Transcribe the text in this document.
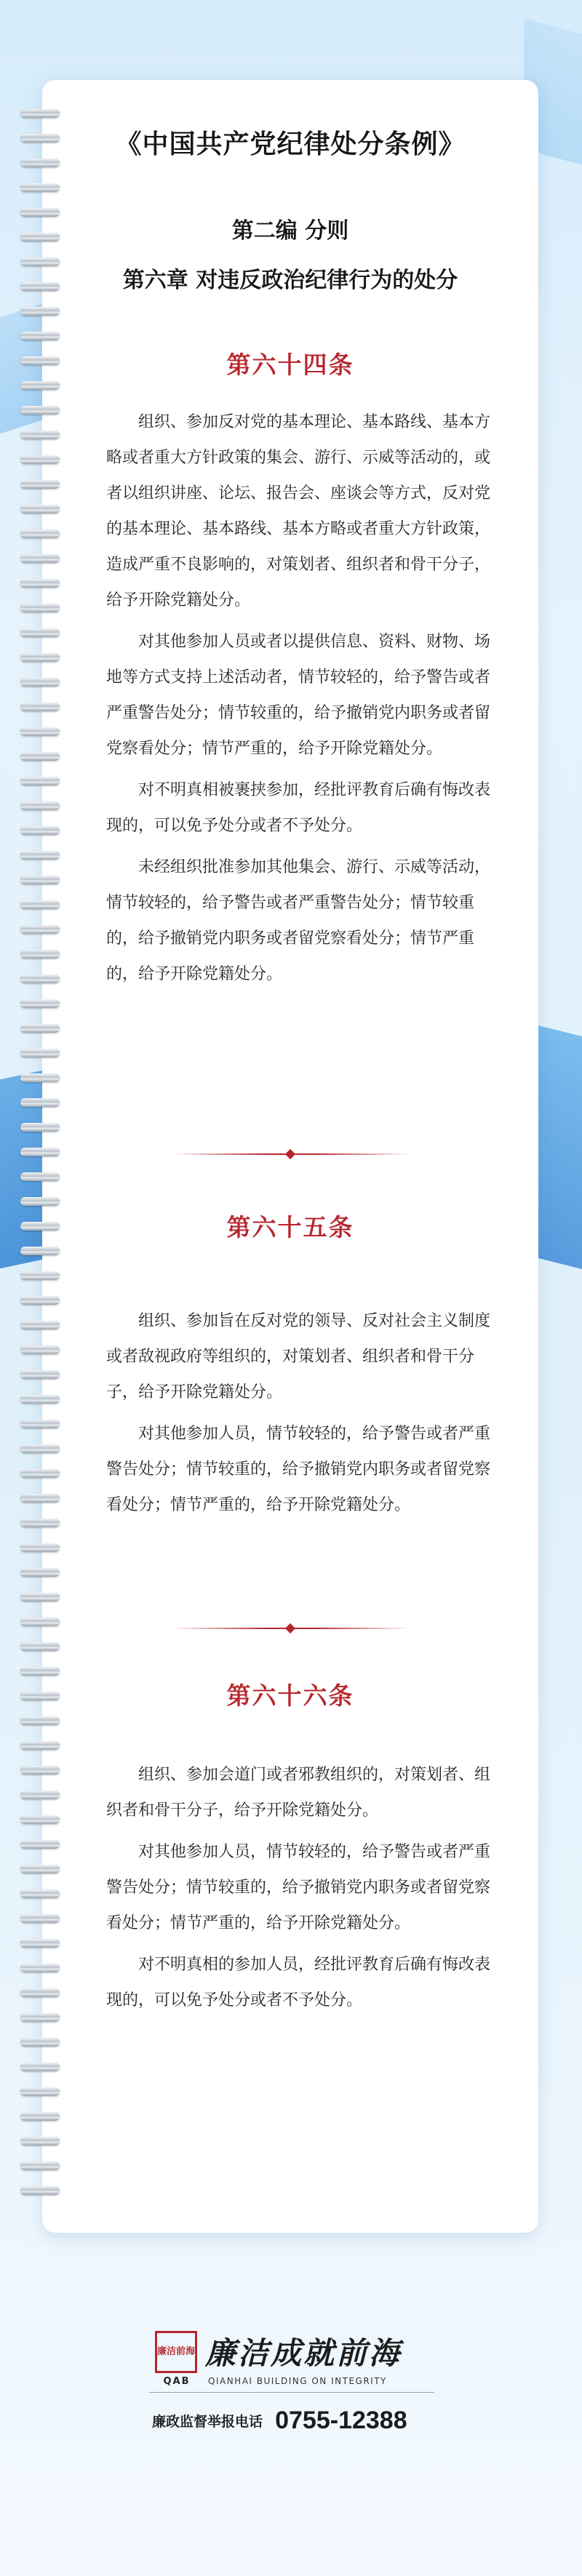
《中国共产党纪律处分条例》
第二编 分则
第六章 对违反政治纪律行为的处分
第六十四条

组织、参加反对党的基本理论、基本路线、基本方略或者重大方针政策的集会、游行、示威等活动的，或者以组织讲座、论坛、报告会、座谈会等方式，反对党的基本理论、基本路线、基本方略或者重大方针政策，造成严重不良影响的，对策划者、组织者和骨干分子，给予开除党籍处分。

对其他参加人员或者以提供信息、资料、财物、场地等方式支持上述活动者，情节较轻的，给予警告或者严重警告处分；情节较重的，给予撤销党内职务或者留党察看处分；情节严重的，给予开除党籍处分。

对不明真相被裹挟参加，经批评教育后确有悔改表现的，可以免予处分或者不予处分。

未经组织批准参加其他集会、游行、示威等活动，情节较轻的，给予警告或者严重警告处分；情节较重的，给予撤销党内职务或者留党察看处分；情节严重的，给予开除党籍处分。

第六十五条

组织、参加旨在反对党的领导、反对社会主义制度或者敌视政府等组织的，对策划者、组织者和骨干分子，给予开除党籍处分。

对其他参加人员，情节较轻的，给予警告或者严重警告处分；情节较重的，给予撤销党内职务或者留党察看处分；情节严重的，给予开除党籍处分。

第六十六条

组织、参加会道门或者邪教组织的，对策划者、组织者和骨干分子，给予开除党籍处分。

对其他参加人员，情节较轻的，给予警告或者严重警告处分；情节较重的，给予撤销党内职务或者留党察看处分；情节严重的，给予开除党籍处分。

对不明真相的参加人员，经批评教育后确有悔改表现的，可以免予处分或者不予处分。

廉洁前海
QAB
廉洁成就前海
QIANHAI BUILDING ON INTEGRITY
廉政监督举报电话 0755-12388
